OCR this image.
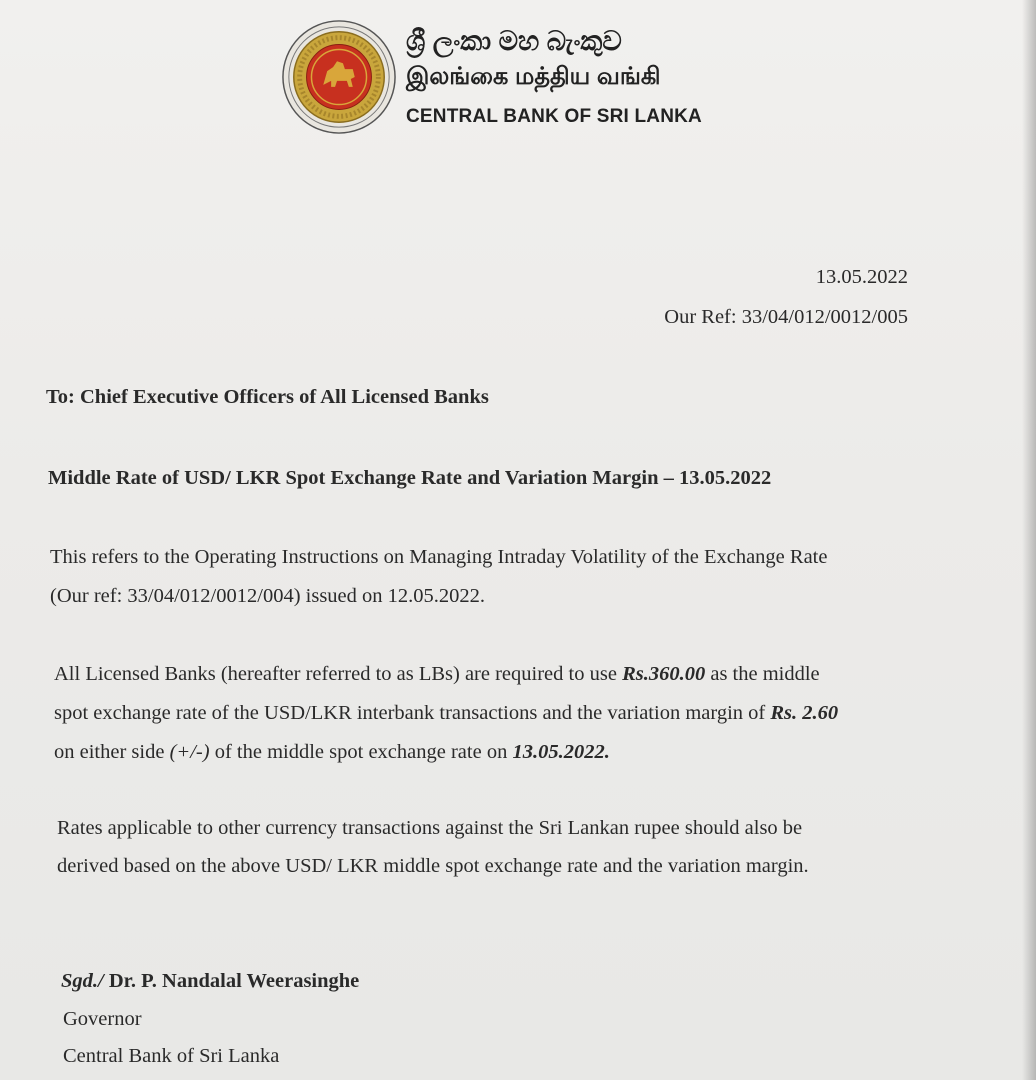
ශ්‍රී ලංකා මහ බැංකුව
இலங்கை மத்திய வங்கி
CENTRAL BANK OF SRI LANKA
13.05.2022
Our Ref: 33/04/012/0012/005
To: Chief Executive Officers of All Licensed Banks
Middle Rate of USD/ LKR Spot Exchange Rate and Variation Margin – 13.05.2022
This refers to the Operating Instructions on Managing Intraday Volatility of the Exchange Rate
(Our ref: 33/04/012/0012/004) issued on 12.05.2022.
All Licensed Banks (hereafter referred to as LBs) are required to use Rs.360.00 as the middle
spot exchange rate of the USD/LKR interbank transactions and the variation margin of Rs. 2.60
on either side (+/-) of the middle spot exchange rate on 13.05.2022.
Rates applicable to other currency transactions against the Sri Lankan rupee should also be
derived based on the above USD/ LKR middle spot exchange rate and the variation margin.
Sgd./ Dr. P. Nandalal Weerasinghe
Governor
Central Bank of Sri Lanka
